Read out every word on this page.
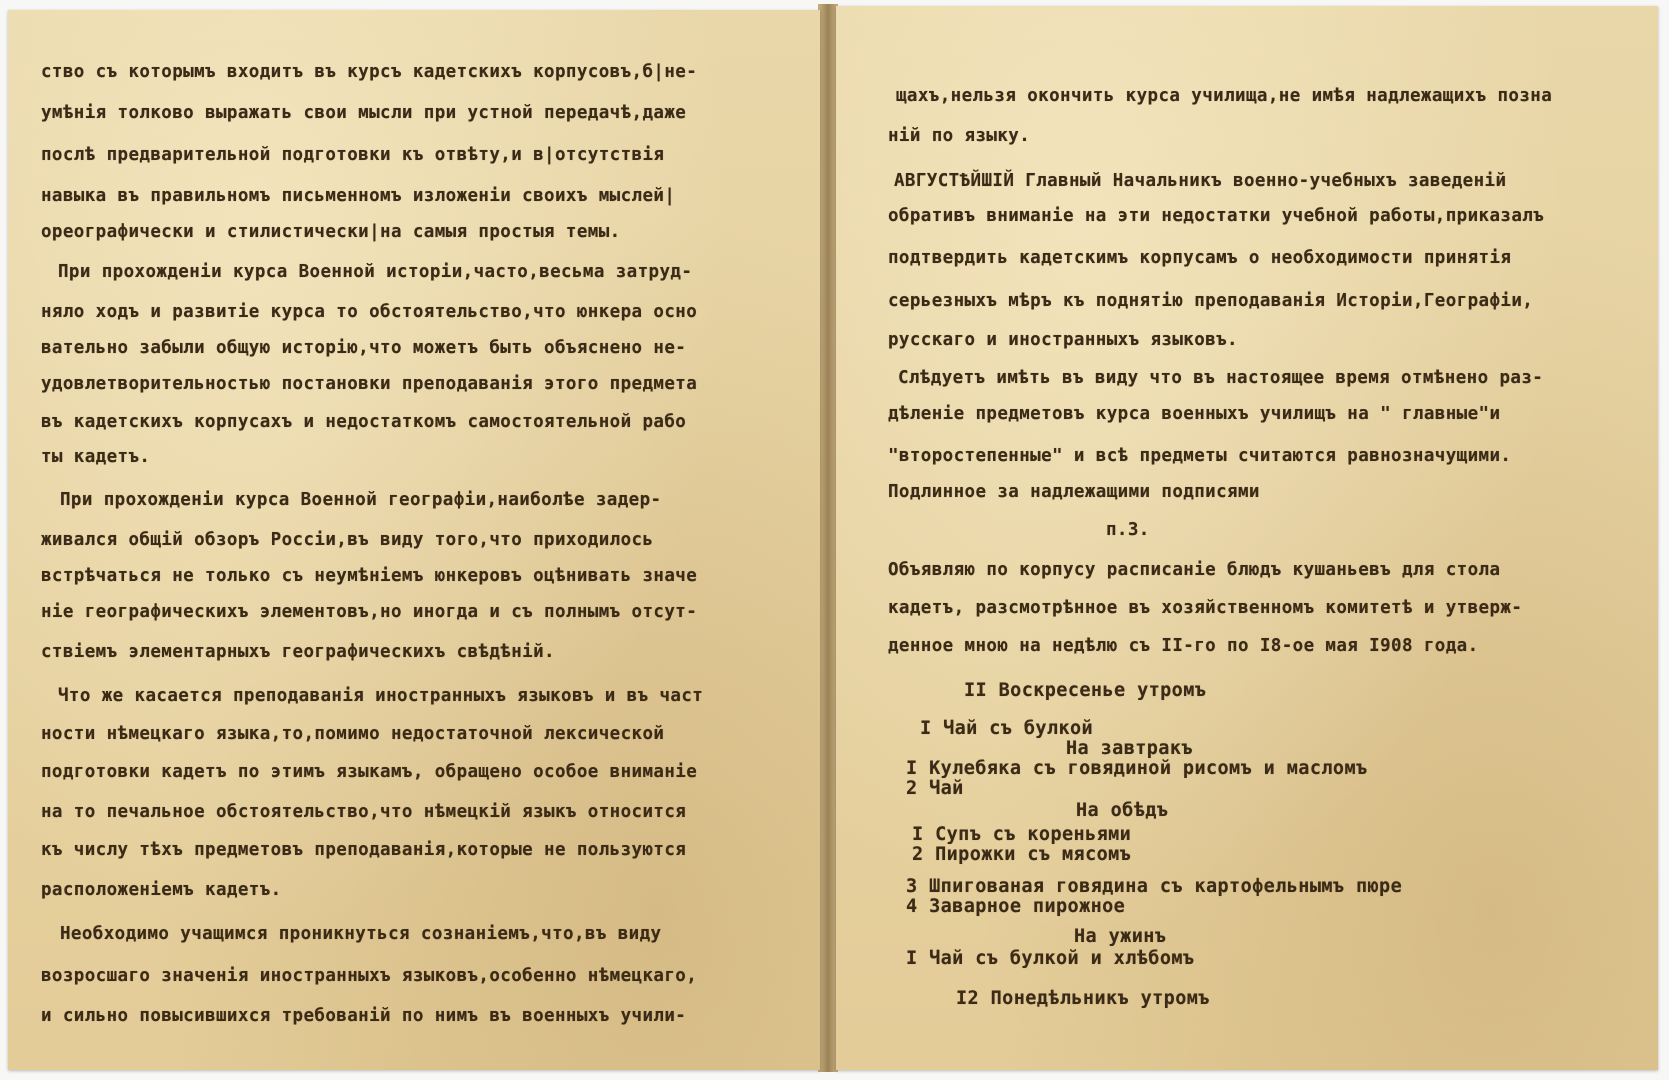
ство съ которымъ входитъ въ курсъ кадетскихъ корпусовъ,б|не-
умѣнія толково выражать свои мысли при устной передачѣ,даже
послѣ предварительной подготовки къ отвѣту,и в|отсутствія
навыка въ правильномъ письменномъ изложеніи своихъ мыслей|
ореографически и стилистически|на самыя простыя темы.
При прохожденіи курса Военной исторіи,часто,весьма затруд-
няло ходъ и развитіе курса то обстоятельство,что юнкера осно
вательно забыли общую исторію,что можетъ быть объяснено не-
удовлетворительностью постановки преподаванія этого предмета
въ кадетскихъ корпусахъ и недостаткомъ самостоятельной рабо
ты кадетъ.
При прохожденіи курса Военной географіи,наиболѣе задер-
живался общій обзоръ Россіи,въ виду того,что приходилось
встрѣчаться не только съ неумѣніемъ юнкеровъ оцѣнивать значе
ніе географическихъ элементовъ,но иногда и съ полнымъ отсут-
ствіемъ элементарныхъ географическихъ свѣдѣній.
Что же касается преподаванія иностранныхъ языковъ и въ част
ности нѣмецкаго языка,то,помимо недостаточной лексической
подготовки кадетъ по этимъ языкамъ, обращено особое вниманіе
на то печальное обстоятельство,что нѣмецкій языкъ относится
къ числу тѣхъ предметовъ преподаванія,которые не пользуются
расположеніемъ кадетъ.
Необходимо учащимся проникнуться сознаніемъ,что,въ виду
возросшаго значенія иностранныхъ языковъ,особенно нѣмецкаго,
и сильно повысившихся требованій по нимъ въ военныхъ учили-
щахъ,нельзя окончить курса училища,не имѣя надлежащихъ позна
ній по языку.
АВГУСТѢЙШІЙ Главный Начальникъ военно-учебныхъ заведеній
обративъ вниманіе на эти недостатки учебной работы,приказалъ
подтвердить кадетскимъ корпусамъ о необходимости принятія
серьезныхъ мѣръ къ поднятію преподаванія Исторіи,Географіи,
русскаго и иностранныхъ языковъ.
Слѣдуетъ имѣть въ виду что въ настоящее время отмѣнено раз-
дѣленіе предметовъ курса военныхъ училищъ на " главные"и
"второстепенные" и всѣ предметы считаются равнозначущими.
Подлинное за надлежащими подписями
п.3.
Объявляю по корпусу расписаніе блюдъ кушаньевъ для стола
кадетъ, разсмотрѣнное въ хозяйственномъ комитетѣ и утверж-
денное мною на недѣлю съ II-го по I8-ое мая I908 года.
II Воскресенье утромъ
I Чай съ булкой
На завтракъ
I Кулебяка съ говядиной рисомъ и масломъ
2 Чай
На обѣдъ
I Супъ съ кореньями
2 Пирожки съ мясомъ
3 Шпигованая говядина съ картофельнымъ пюре
4 Заварное пирожное
На ужинъ
I Чай съ булкой и хлѣбомъ
I2 Понедѣльникъ утромъ
